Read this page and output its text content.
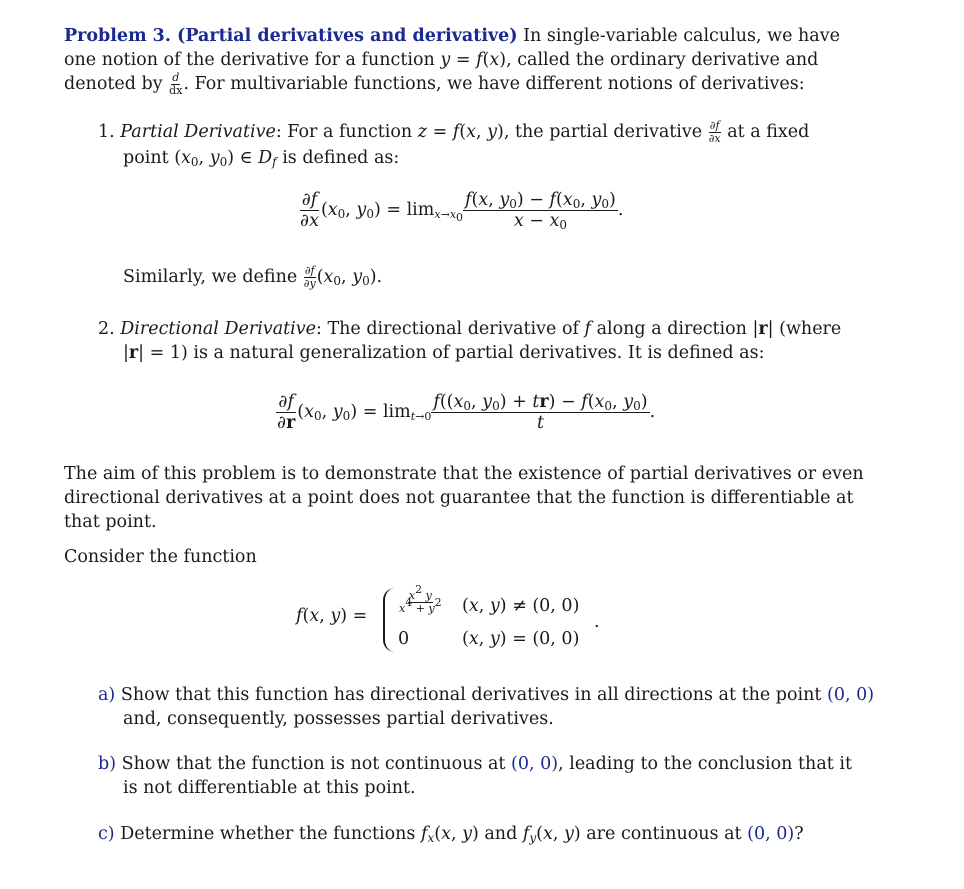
Problem 3. (Partial derivatives and derivative) In single-variable calculus, we have
one notion of the derivative for a function y = f(x), called the ordinary derivative and
denoted by $\frac{d}{dx}$ . For multivariable functions, we have different notions of derivatives:
1. Partial Derivative: For a function z = f(x, y), the partial derivative $\frac{\partial f}{\partial x}$ at a fixed
point ($x_0$, $y_0$) ∈ $D_f$ is defined as:
$\frac{\partial f}{\partial x} (x_0$, $y_0) = \lim_{x\to x_0} \frac{f(x, y_0) - f(x_0, y_0)}{x - x_0}$ .
Similarly, we define $\frac{\partial f}{\partial y} (x_0$, $y_0$).
2. Directional Derivative: The directional derivative of f along a direction |r| (where
|r| = 1) is a natural generalization of partial derivatives. It is defined as:
$\frac{\partial f}{\partial r} (x_0$, $y_0) = \lim_{t\to 0} \frac{f((x_0, y_0) + tr) - f(x_0, y_0)}{t}$ .
The aim of this problem is to demonstrate that the existence of partial derivatives or even
directional derivatives at a point does not guarantee that the function is differentiable at
that point.
Consider the function
f(x, y) =
$\frac{x^2 y}{x^4 + y^2} (x$, y) ≠ (0, 0)
0	(x, y) = (0, 0)
.
a) Show that this function has directional derivatives in all directions at the point (0, 0)
and, consequently, possesses partial derivatives.
b) Show that the function is not continuous at (0, 0), leading to the conclusion that it
is not differentiable at this point.
c) Determine whether the functions $f_x(x$, y) and $f_y(x$, y) are continuous at (0, 0)?
